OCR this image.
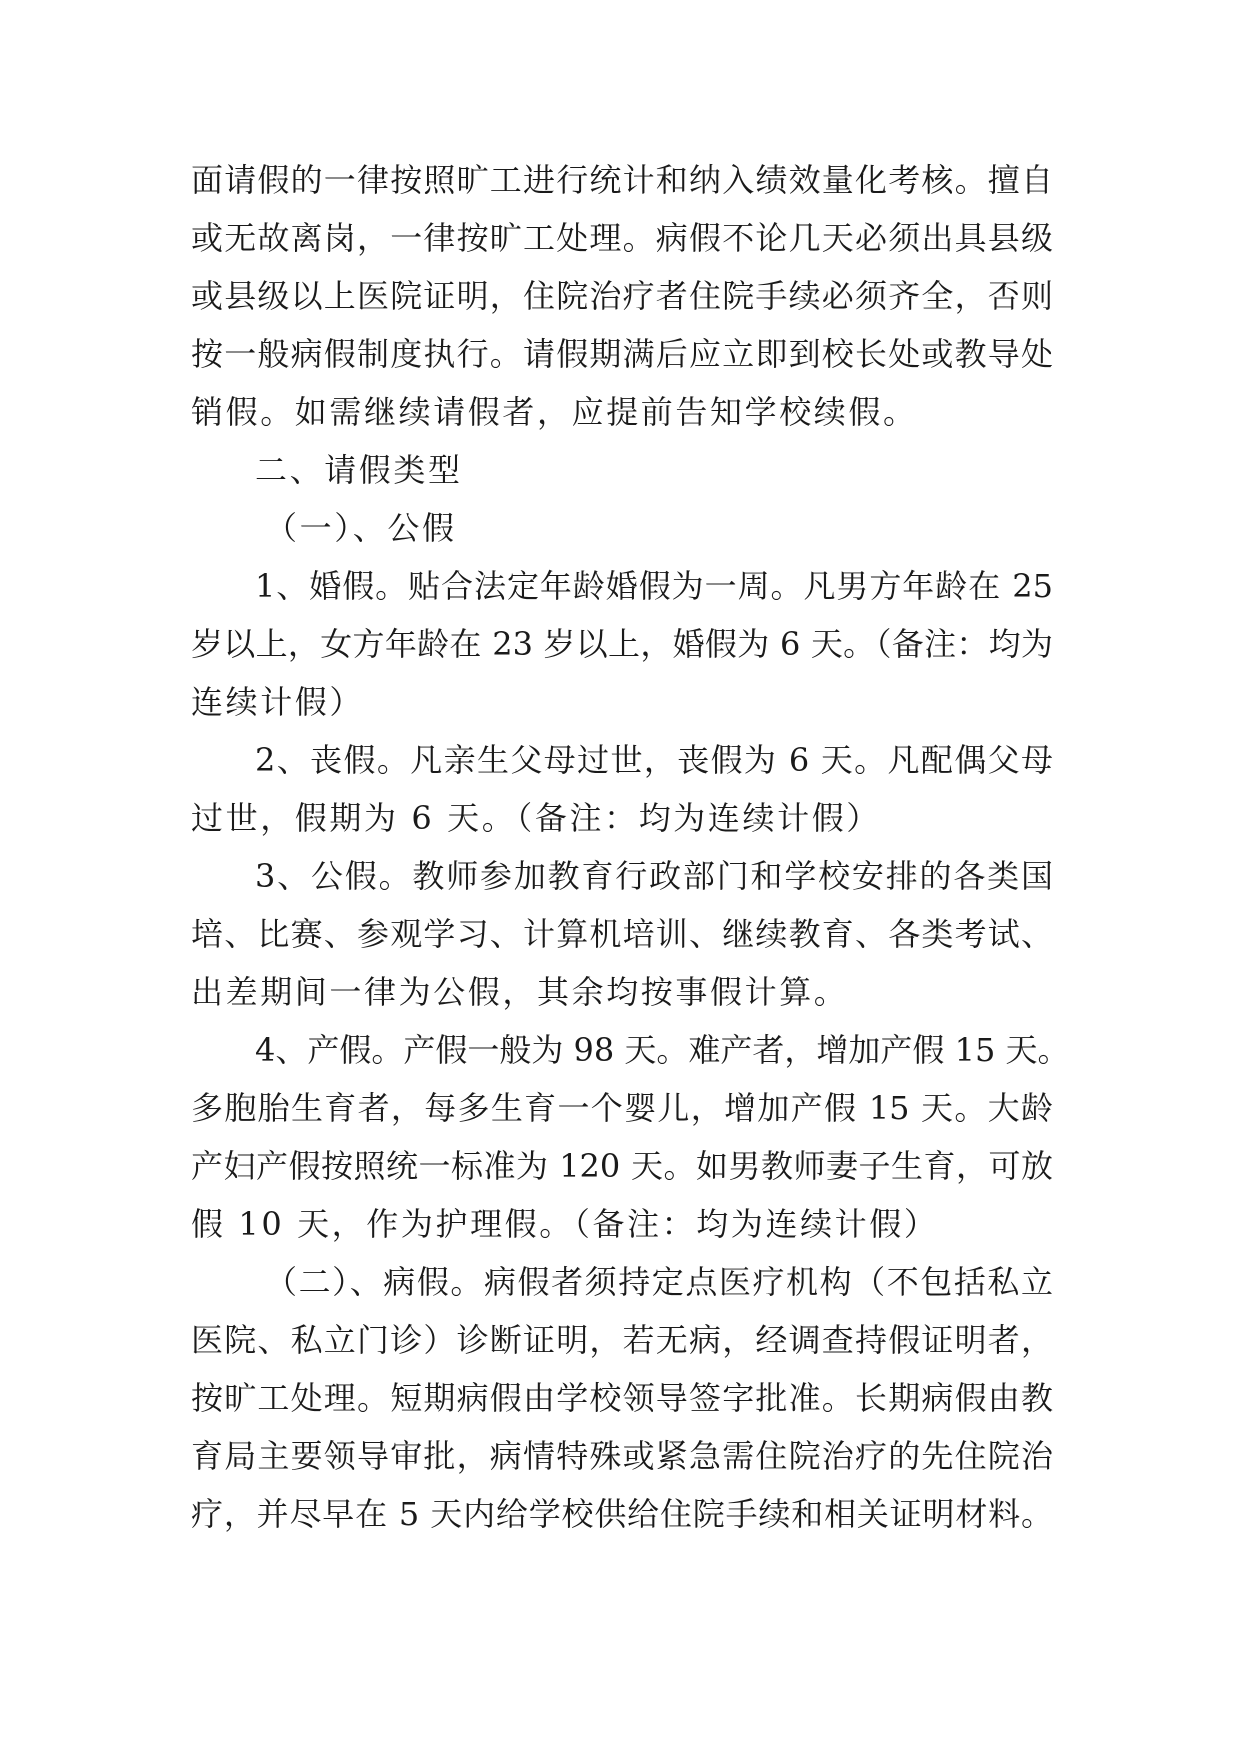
面请假的一律按照旷工进行统计和纳入绩效量化考核。擅自
或无故离岗，一律按旷工处理。病假不论几天必须出具县级
或县级以上医院证明，住院治疗者住院手续必须齐全，否则
按一般病假制度执行。请假期满后应立即到校长处或教导处
销假。如需继续请假者，应提前告知学校续假。
二、请假类型
（一）、公假
1、婚假。贴合法定年龄婚假为一周。凡男方年龄在 25
岁以上，女方年龄在 23 岁以上，婚假为 6 天。（备注：均为
连续计假）
2、丧假。凡亲生父母过世，丧假为 6 天。凡配偶父母
过世，假期为 6 天。（备注：均为连续计假）
3、公假。教师参加教育行政部门和学校安排的各类国
培、比赛、参观学习、计算机培训、继续教育、各类考试、
出差期间一律为公假，其余均按事假计算。
4、产假。产假一般为 98 天。难产者，增加产假 15 天。
多胞胎生育者，每多生育一个婴儿，增加产假 15 天。大龄
产妇产假按照统一标准为 120 天。如男教师妻子生育，可放
假 10 天，作为护理假。（备注：均为连续计假）
（二）、病假。病假者须持定点医疗机构（不包括私立
医院、私立门诊）诊断证明，若无病，经调查持假证明者，
按旷工处理。短期病假由学校领导签字批准。长期病假由教
育局主要领导审批，病情特殊或紧急需住院治疗的先住院治
疗，并尽早在 5 天内给学校供给住院手续和相关证明材料。
